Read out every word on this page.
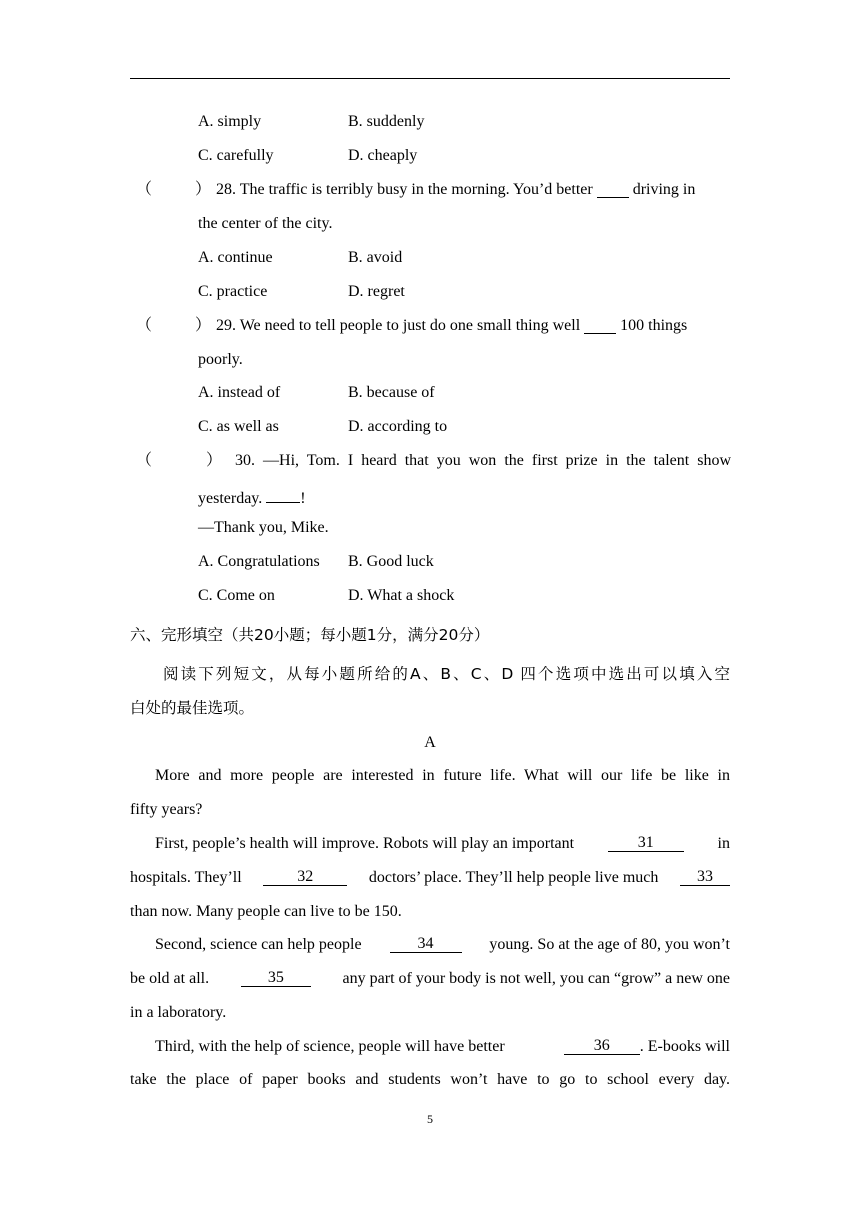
A. simply	B. suddenly
C. carefully	D. cheaply
（	） 28. The traffic is terribly busy in the morning. You’d better	driving in
the center of the city.
A. continue	B. avoid
C. practice	D. regret
（	） 29. We need to tell people to just do one small thing well	100 things
poorly.
A. instead of	B. because of
C. as well as	D. according to
（	） 30. —Hi, Tom. I heard that you won the first prize in the talent show
yesterday. !
—Thank you, Mike.
A. Congratulations B. Good luck
C. Come on	D. What a shock
六、完形填空（共20小题；每小题1分，满分20分）
阅读下列短文，从每小题所给的A、B、C、D 四个选项中选出可以填入空
白处的最佳选项。
A
More and more people are interested in future life. What will our life be like in
fifty years?
First, people’s health will improve. Robots will play an important	31	in
hospitals. They’ll	32	doctors’ place. They’ll help people live much	33
than now. Many people can live to be 150.
Second, science can help people	34	young. So at the age of 80, you won’t
be old at all.	35	any part of your body is not well, you can “grow” a new one
in a laboratory.
Third, with the help of science, people will have better	36	. E-books will
take the place of paper books and students won’t have to go to school every day.
5
